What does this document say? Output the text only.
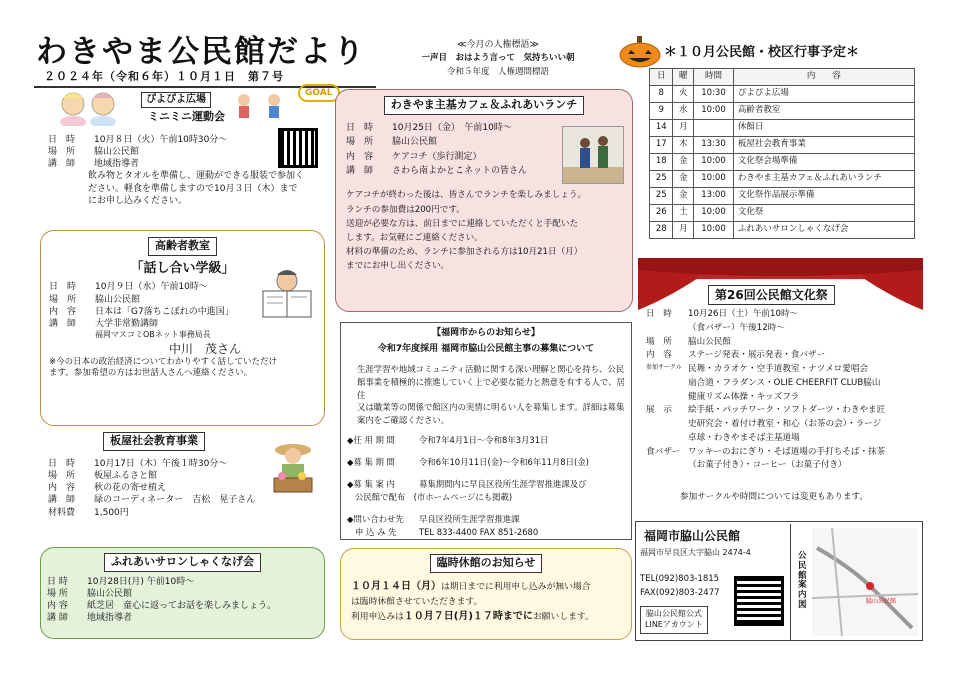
わきやま公民館だより
２０２４年（令和６年）１０月１日　第７号
≪今月の人権標語≫
一声目　おはよう言って　気持ちいい朝
令和５年度　人権週間標語
＊１０月公民館・校区行事予定＊
日	曜	時間	内　　容
8	火	10:30	ぴよぴよ広場
9	水	10:00	高齢者教室
14	月		休館日
17	木	13:30	板屋社会教育事業
18	金	10:00	文化祭会場準備
25	金	10:00	わきやま主基カフェ＆ふれあいランチ
25	金	13:00	文化祭作品展示準備
26	土	10:00	文化祭
28	月	10:00	ふれあいサロンしゃくなげ会
ぴよぴよ広場
ミニミニ運動会
GOAL
日　時	10月８日（火）午前10時30分～
場　所	脇山公民館
講　師	地域指導者
飲み物とタオルを準備し、運動ができる服装で参加く
ださい。軽食を準備しますので10月３日（木）まで
にお申し込みください。
高齢者教室
「話し合い学級」
日　時	10月９日（水）午前10時～
場　所	脇山公民館
内　容	日本は「G7落ちこぼれの中進国」
講　師	大学非常勤講師
福岡マスコミOBネット事務局長
中川　茂さん
※今の日本の政治経済についてわかりやすく話していただけ
ます。参加希望の方はお世話人さんへ連絡ください。
板屋社会教育事業
日　時	10月17日（木）午後１時30分～
場　所	板屋ふるさと館
内　容	秋の花の寄せ植え
講　師	緑のコーディネーター　吉松　晃子さん
材料費	1,500円
ふれあいサロンしゃくなげ会
日 時	10月28日(月) 午前10時～
場 所	脇山公民館
内 容	紙芝居　童心に返ってお話を楽しみましょう。
講 師	地域指導者
わきやま主基カフェ＆ふれあいランチ
日　時	10月25日（金）　午前10時～
場　所	脇山公民館
内　容	ケアコチ（歩行測定）
講　師	さわら南よかとこネットの皆さん
ケアコチが終わった後は、皆さんでランチを楽しみましょう。
ランチの参加費は200円です。
送迎が必要な方は、前日までに連絡していただくと手配いた
します。お気軽にご連絡ください。
材料の準備のため、ランチに参加される方は10月21日（月）
までにお申し出ください。
【福岡市からのお知らせ】
令和7年度採用 福岡市脇山公民館主事の募集について
生涯学習や地域コミュニティ活動に関する深い理解と関心を持ち、公民
館事業を積極的に推進していく上で必要な能力と熱意を有する人で、居住
又は職業等の関係で館区内の実情に明るい人を募集します。詳細は募集
案内をご確認ください。
◆任 用 期 間	令和7年4月1日～令和8年3月31日
◆募 集 期 間	令和6年10月11日(金)～令和6年11月8日(金)
◆募 集 案 内	募集期間内に早良区役所生涯学習推進課及び
公民館で配布　(市ホームページにも掲載)
◆問い合わせ先	早良区役所生涯学習推進課
申 込 み 先	TEL 833-4400 FAX 851-2680
臨時休館のお知らせ
１０月１４日（月）は期日までに利用申し込みが無い場合
は臨時休館させていただきます。
利用申込みは１０月７日(月)１７時までにお願いします。
第26回公民館文化祭
日　時	10月26日（土）午前10時～
（食バザー）午後12時～
場　所	脇山公民館
内　容	ステージ発表・展示発表・食バザー
参加サークル 民舞・カラオケ・空手道教室・ナツメロ愛唱会
扇合道・フラダンス・OLIE CHEERFIT CLUB脇山
健康リズム体操・キッズフラ
展　示	絵手紙・パッチワーク・ソフトダーツ・わきやま匠
史研究会・着付け教室・和心（お茶の会）・ラージ
卓球・わきやまそば主基道場
食バザー ワッキーのおにぎり・そば道場の手打ちそば・抹茶
（お菓子付き）・コーヒー（お菓子付き）
参加サークルや時間については変更もあります。
福岡市脇山公民館
福岡市早良区大字脇山 2474-4
TEL(092)803-1815
FAX(092)803-2477
脇山公民館公式
LINEアカウント
公民館案内図	脇山公民館
